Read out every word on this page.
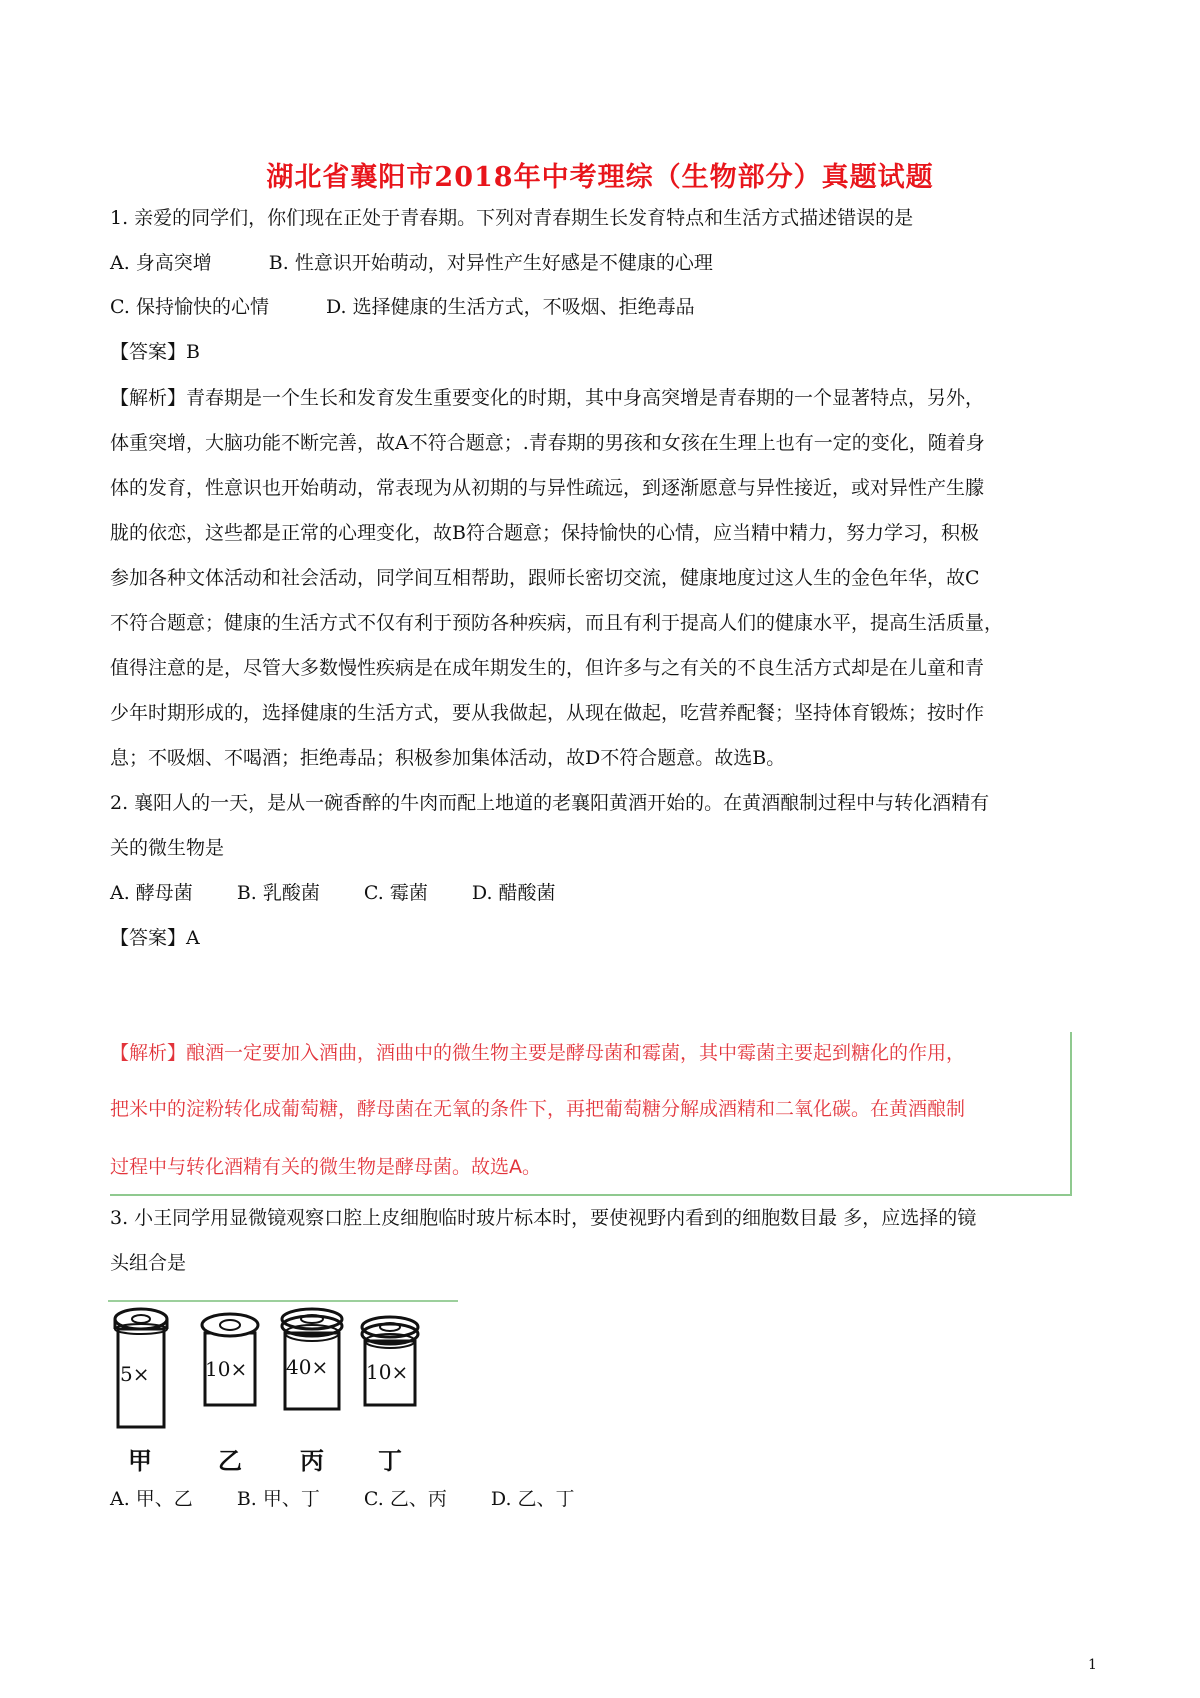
湖北省襄阳市2018年中考理综（生物部分）真题试题
1. 亲爱的同学们，你们现在正处于青春期。下列对青春期生长发育特点和生活方式描述错误的是
A. 身高突增　　　B. 性意识开始萌动，对异性产生好感是不健康的心理
C. 保持愉快的心情　　　D. 选择健康的生活方式，不吸烟、拒绝毒品
【答案】B
【解析】青春期是一个生长和发育发生重要变化的时期，其中身高突增是青春期的一个显著特点，另外，
体重突增，大脑功能不断完善，故A不符合题意；.青春期的男孩和女孩在生理上也有一定的变化，随着身
体的发育，性意识也开始萌动，常表现为从初期的与异性疏远，到逐渐愿意与异性接近，或对异性产生朦
胧的依恋，这些都是正常的心理变化，故B符合题意；保持愉快的心情，应当精中精力，努力学习，积极
参加各种文体活动和社会活动，同学间互相帮助，跟师长密切交流，健康地度过这人生的金色年华，故C
不符合题意；健康的生活方式不仅有利于预防各种疾病，而且有利于提高人们的健康水平，提高生活质量，
值得注意的是，尽管大多数慢性疾病是在成年期发生的，但许多与之有关的不良生活方式却是在儿童和青
少年时期形成的，选择健康的生活方式，要从我做起，从现在做起，吃营养配餐；坚持体育锻炼；按时作
息；不吸烟、不喝酒；拒绝毒品；积极参加集体活动，故D不符合题意。故选B。
2. 襄阳人的一天，是从一碗香醉的牛肉而配上地道的老襄阳黄酒开始的。在黄酒酿制过程中与转化酒精有
关的微生物是
A. 酵母菌　　 B. 乳酸菌　　 C. 霉菌　　 D. 醋酸菌
【答案】A
【解析】酿酒一定要加入酒曲，酒曲中的微生物主要是酵母菌和霉菌，其中霉菌主要起到糖化的作用，
把米中的淀粉转化成葡萄糖，酵母菌在无氧的条件下，再把葡萄糖分解成酒精和二氧化碳。在黄酒酿制
过程中与转化酒精有关的微生物是酵母菌。故选A。
3. 小王同学用显微镜观察口腔上皮细胞临时玻片标本时，要使视野内看到的细胞数目最 多，应选择的镜
头组合是
5×	10× 40× 10×
甲	乙 丙 丁
A. 甲、乙　　 B. 甲、丁　　 C. 乙、丙　　 D. 乙、丁
1
